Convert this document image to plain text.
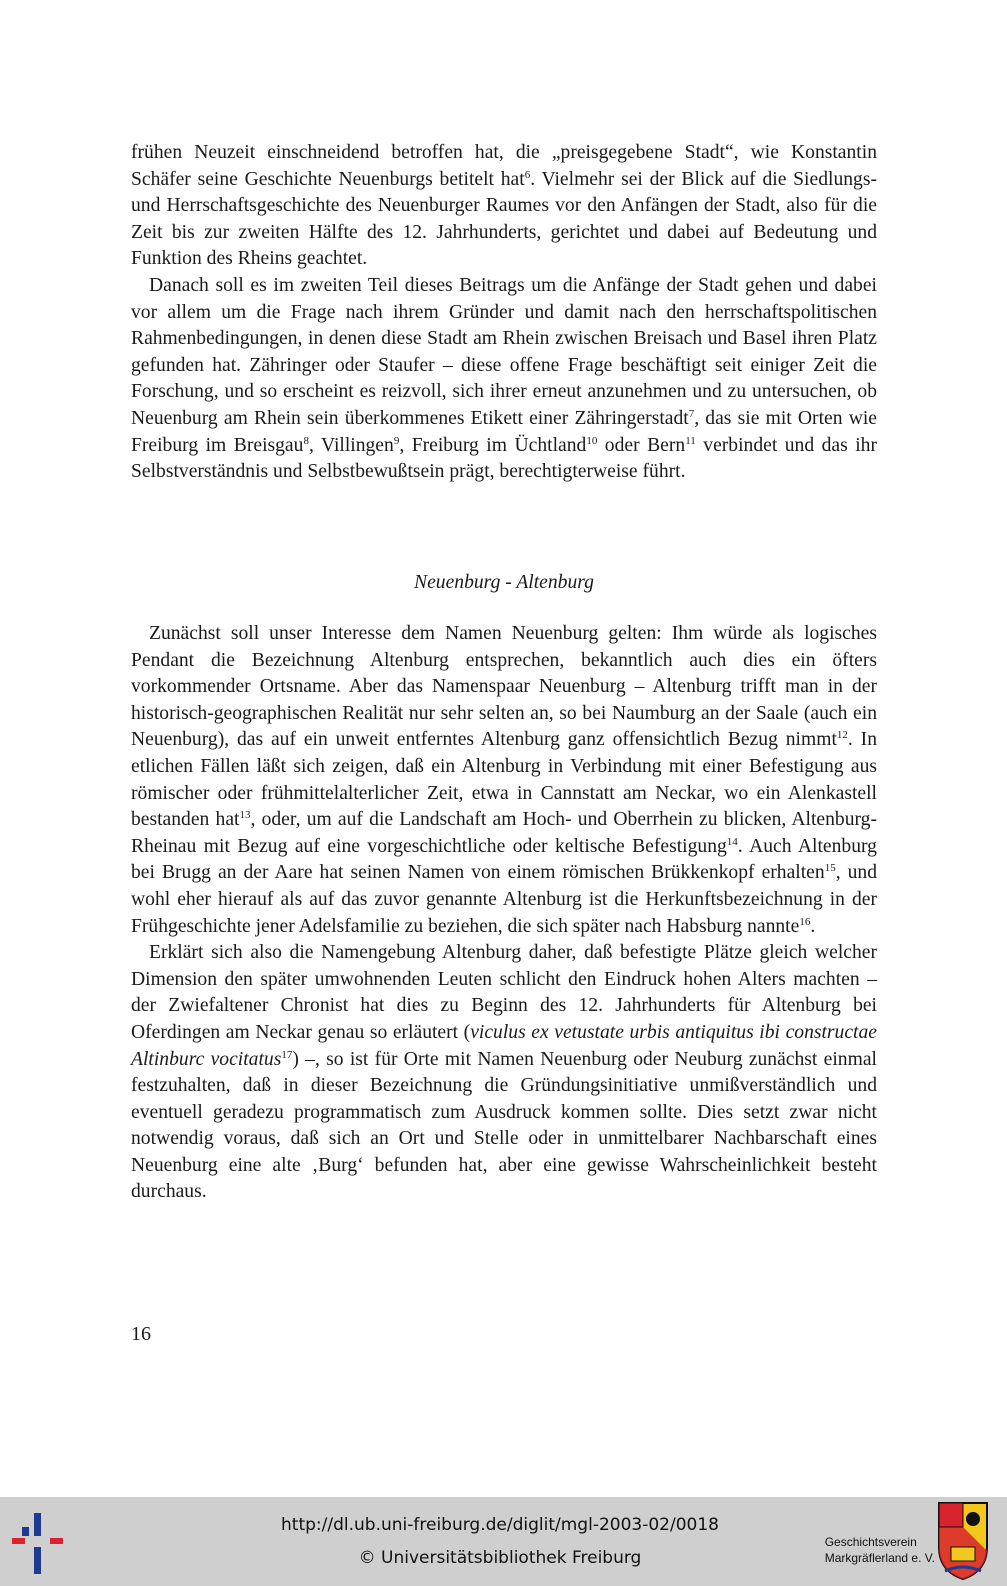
frühen Neuzeit einschneidend betroffen hat, die „preisgegebene Stadt“, wie Konstantin Schäfer seine Geschichte Neuenburgs betitelt hat$^6$. Vielmehr sei der Blick auf die Siedlungs- und Herrschaftsgeschichte des Neuenburger Raumes vor den Anfängen der Stadt, also für die Zeit bis zur zweiten Hälfte des 12. Jahrhunderts, gerichtet und dabei auf Bedeutung und Funktion des Rheins geachtet.

Danach soll es im zweiten Teil dieses Beitrags um die Anfänge der Stadt gehen und dabei vor allem um die Frage nach ihrem Gründer und damit nach den herrschaftspolitischen Rahmenbedingungen, in denen diese Stadt am Rhein zwischen Breisach und Basel ihren Platz gefunden hat. Zähringer oder Staufer – diese offene Frage beschäftigt seit einiger Zeit die Forschung, und so erscheint es reizvoll, sich ihrer erneut anzunehmen und zu untersuchen, ob Neuenburg am Rhein sein überkommenes Etikett einer Zähringerstadt$^7$, das sie mit Orten wie Freiburg im Breisgau$^8$, Villingen$^9$, Freiburg im Üchtland$^{10}$ oder Bern$^{11}$ verbindet und das ihr Selbstverständnis und Selbstbewußtsein prägt, berechtigterweise führt.

Neuenburg - Altenburg

Zunächst soll unser Interesse dem Namen Neuenburg gelten: Ihm würde als logisches Pendant die Bezeichnung Altenburg entsprechen, bekanntlich auch dies ein öfters vorkommender Ortsname. Aber das Namenspaar Neuenburg – Altenburg trifft man in der historisch-geographischen Realität nur sehr selten an, so bei Naumburg an der Saale (auch ein Neuenburg), das auf ein unweit entferntes Altenburg ganz offensichtlich Bezug nimmt$^{12}$. In etlichen Fällen läßt sich zeigen, daß ein Altenburg in Verbindung mit einer Befestigung aus römischer oder frühmittelalterlicher Zeit, etwa in Cannstatt am Neckar, wo ein Alenkastell bestanden hat$^{13}$, oder, um auf die Landschaft am Hoch- und Oberrhein zu blicken, Altenburg-Rheinau mit Bezug auf eine vorgeschichtliche oder keltische Befestigung$^{14}$. Auch Altenburg bei Brugg an der Aare hat seinen Namen von einem römischen Brükkenkopf erhalten$^{15}$, und wohl eher hierauf als auf das zuvor genannte Altenburg ist die Herkunftsbezeichnung in der Frühgeschichte jener Adelsfamilie zu beziehen, die sich später nach Habsburg nannte$^{16}$.

Erklärt sich also die Namengebung Altenburg daher, daß befestigte Plätze gleich welcher Dimension den später umwohnenden Leuten schlicht den Eindruck hohen Alters machten – der Zwiefaltener Chronist hat dies zu Beginn des 12. Jahrhunderts für Altenburg bei Oferdingen am Neckar genau so erläutert (viculus ex vetustate urbis antiquitus ibi constructae Altinburc vocitatus$^{17}$) –, so ist für Orte mit Namen Neuenburg oder Neuburg zunächst einmal festzuhalten, daß in dieser Bezeichnung die Gründungsinitiative unmißverständlich und eventuell geradezu programmatisch zum Ausdruck kommen sollte. Dies setzt zwar nicht notwendig voraus, daß sich an Ort und Stelle oder in unmittelbarer Nachbarschaft eines Neuenburg eine alte ‚Burg‘ befunden hat, aber eine gewisse Wahrscheinlichkeit besteht durchaus.

16
http://dl.ub.uni-freiburg.de/diglit/mgl-2003-02/0018
© Universitätsbibliothek Freiburg
Geschichtsverein
Markgräflerland e. V.
